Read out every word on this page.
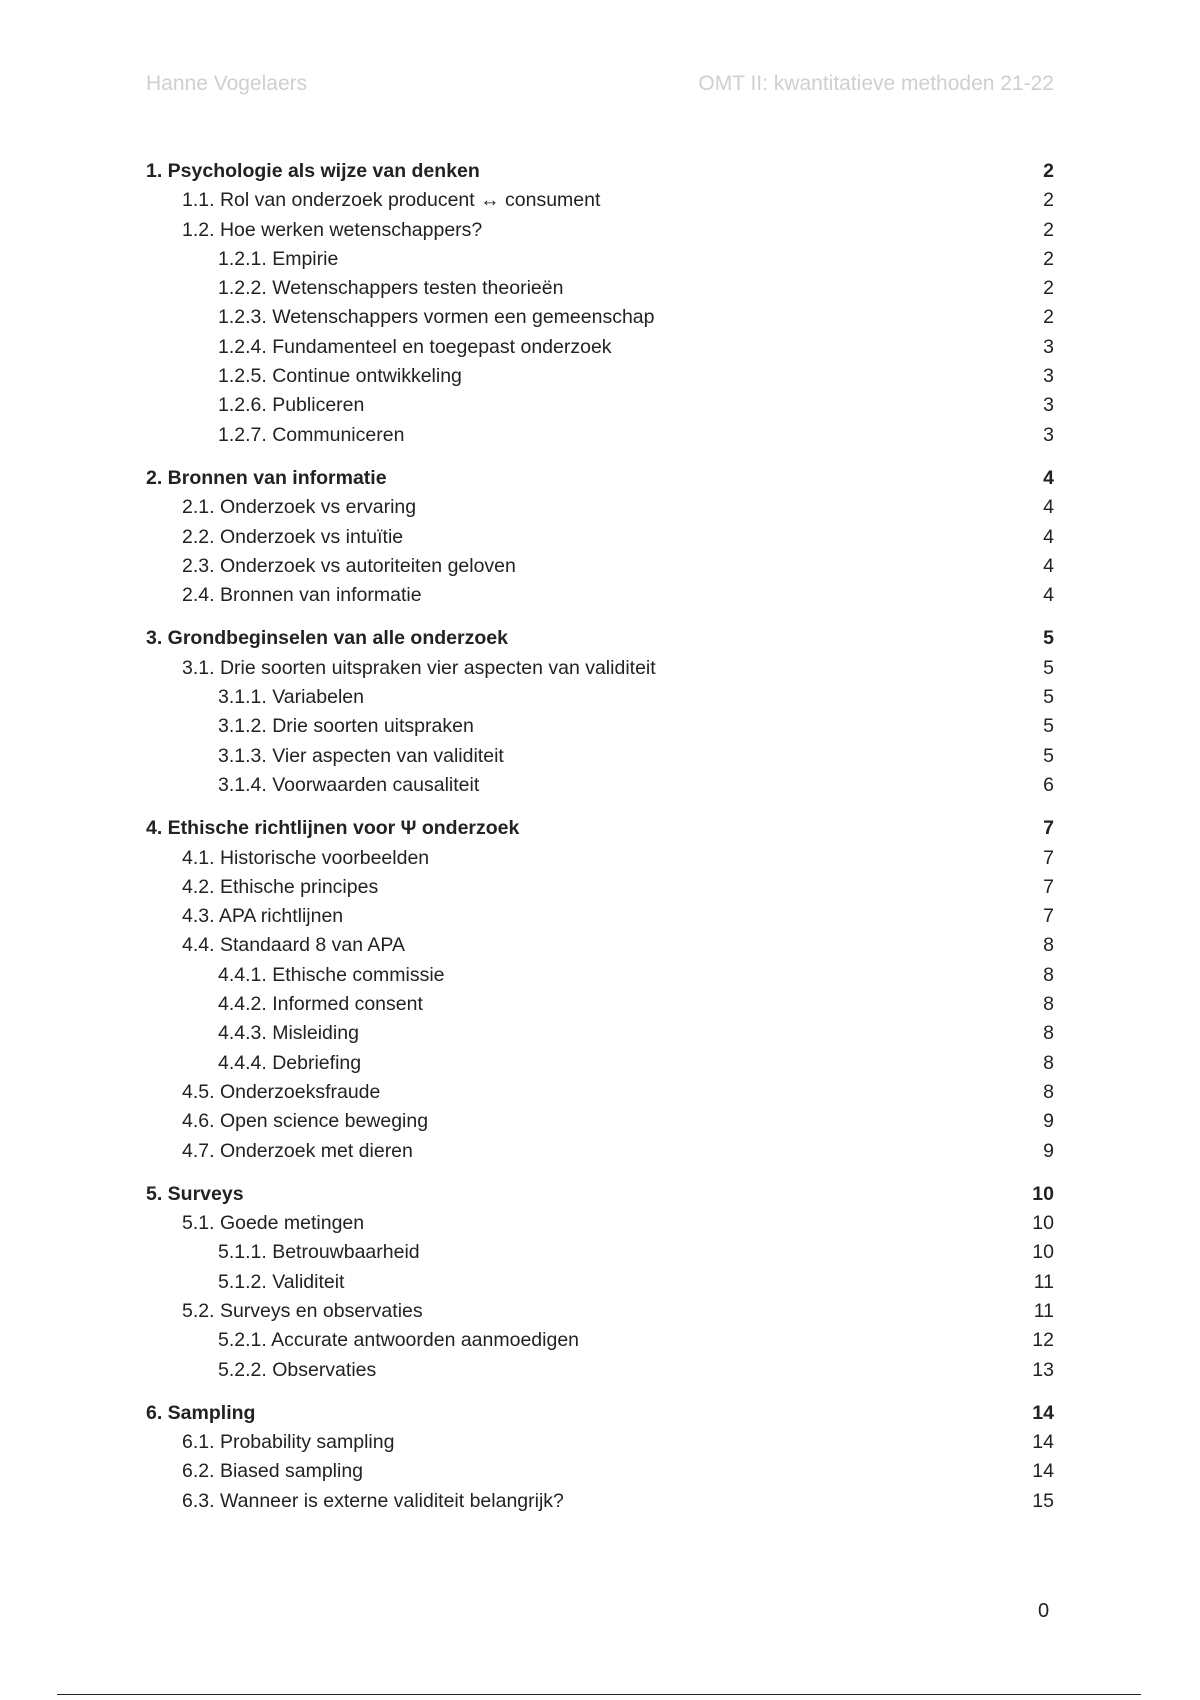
Hanne Vogelaers	OMT II: kwantitatieve methoden 21-22
1. Psychologie als wijze van denken	2
1.1. Rol van onderzoek producent ↔ consument	2
1.2. Hoe werken wetenschappers?	2
1.2.1. Empirie	2
1.2.2. Wetenschappers testen theorieën	2
1.2.3. Wetenschappers vormen een gemeenschap	2
1.2.4. Fundamenteel en toegepast onderzoek	3
1.2.5. Continue ontwikkeling	3
1.2.6. Publiceren	3
1.2.7. Communiceren	3
2. Bronnen van informatie	4
2.1. Onderzoek vs ervaring	4
2.2. Onderzoek vs intuïtie	4
2.3. Onderzoek vs autoriteiten geloven	4
2.4. Bronnen van informatie	4
3. Grondbeginselen van alle onderzoek	5
3.1. Drie soorten uitspraken vier aspecten van validiteit	5
3.1.1. Variabelen	5
3.1.2. Drie soorten uitspraken	5
3.1.3. Vier aspecten van validiteit	5
3.1.4. Voorwaarden causaliteit	6
4. Ethische richtlijnen voor Ψ onderzoek	7
4.1. Historische voorbeelden	7
4.2. Ethische principes	7
4.3. APA richtlijnen	7
4.4. Standaard 8 van APA	8
4.4.1. Ethische commissie	8
4.4.2. Informed consent	8
4.4.3. Misleiding	8
4.4.4. Debriefing	8
4.5. Onderzoeksfraude	8
4.6. Open science beweging	9
4.7. Onderzoek met dieren	9
5. Surveys	10
5.1. Goede metingen	10
5.1.1. Betrouwbaarheid	10
5.1.2. Validiteit	11
5.2. Surveys en observaties	11
5.2.1. Accurate antwoorden aanmoedigen	12
5.2.2. Observaties	13
6. Sampling	14
6.1. Probability sampling	14
6.2. Biased sampling	14
6.3. Wanneer is externe validiteit belangrijk?	15
0
